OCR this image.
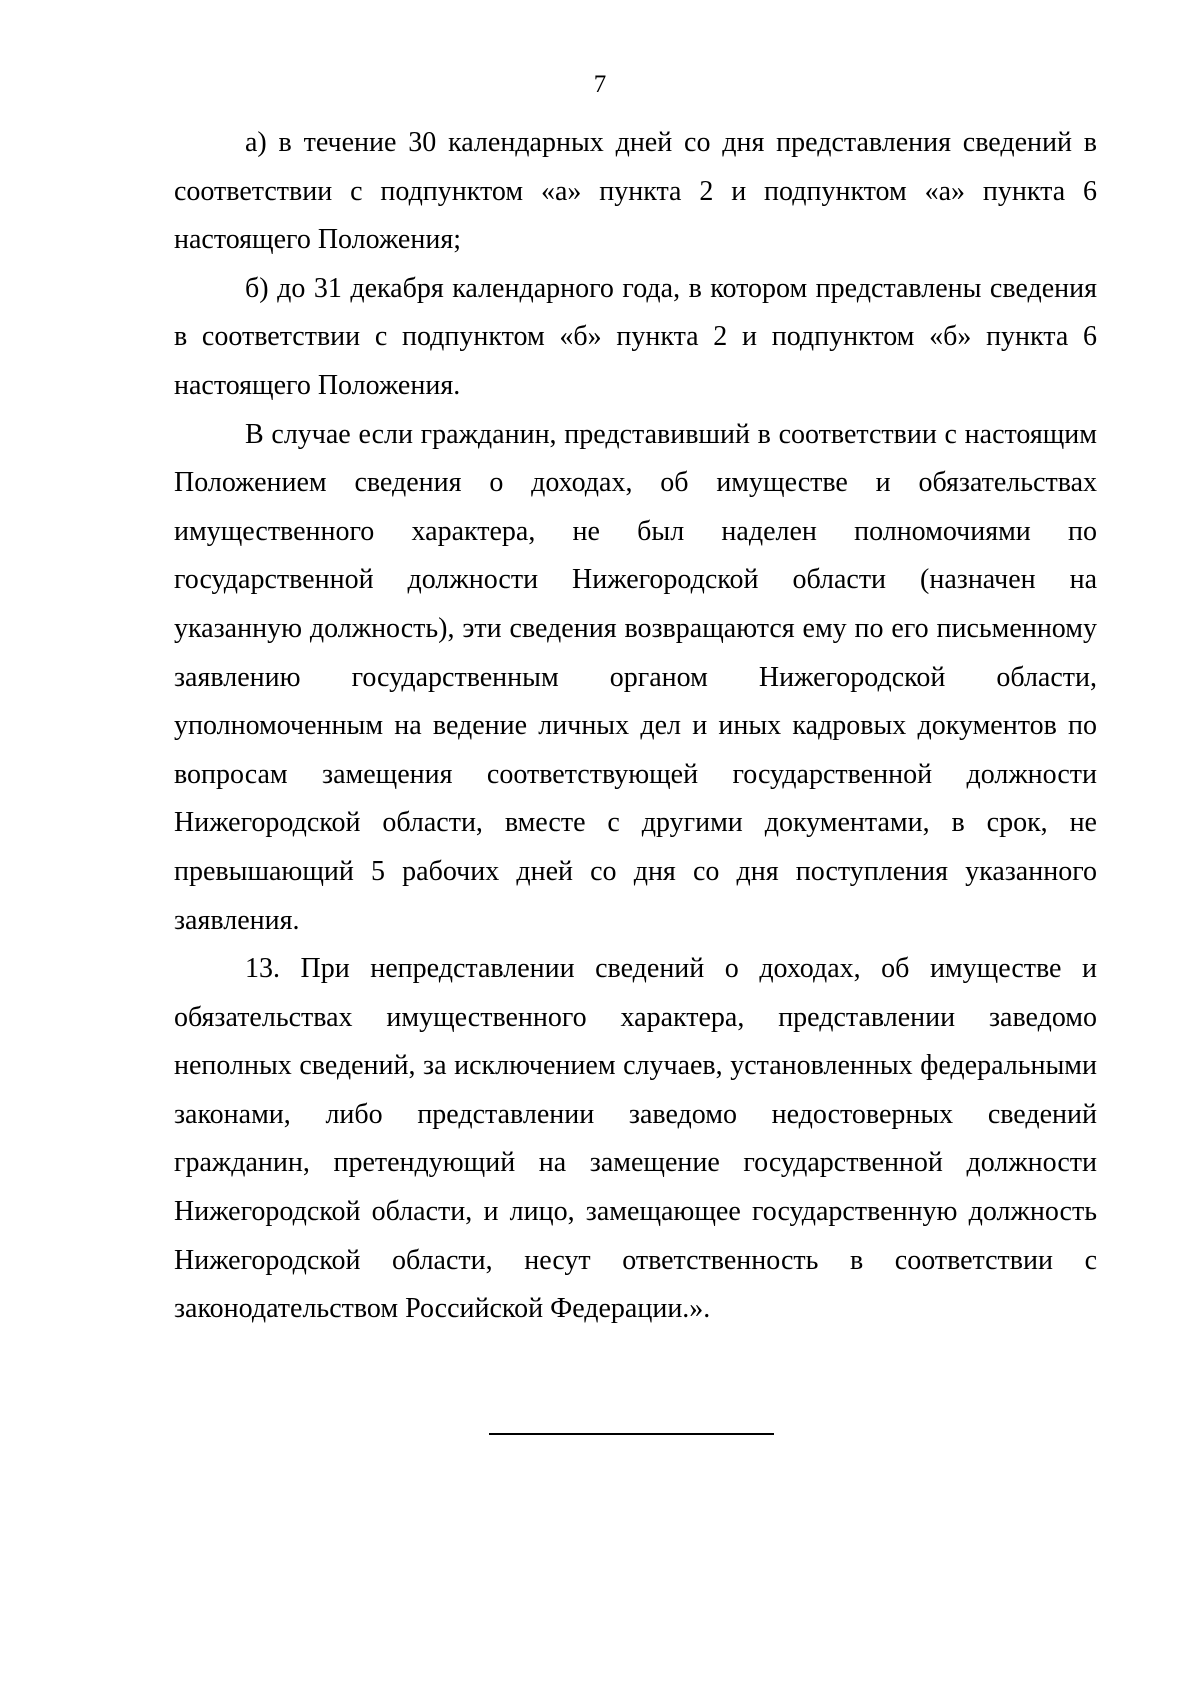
7

а) в течение 30 календарных дней со дня представления сведений в соответствии с подпунктом «а» пункта 2 и подпунктом «а» пункта 6 настоящего Положения;

б) до 31 декабря календарного года, в котором представлены сведения в соответствии с подпунктом «б» пункта 2 и подпунктом «б» пункта 6 настоящего Положения.

В случае если гражданин, представивший в соответствии с настоящим Положением сведения о доходах, об имуществе и обязательствах имущественного характера, не был наделен полномочиями по государственной должности Нижегородской области (назначен на указанную должность), эти сведения возвращаются ему по его письменному заявлению государственным органом Нижегородской области, уполномоченным на ведение личных дел и иных кадровых документов по вопросам замещения соответствующей государственной должности Нижегородской области, вместе с другими документами, в срок, не превышающий 5 рабочих дней со дня со дня поступления указанного заявления.

13. При непредставлении сведений о доходах, об имуществе и обязательствах имущественного характера, представлении заведомо неполных сведений, за исключением случаев, установленных федеральными законами, либо представлении заведомо недостоверных сведений гражданин, претендующий на замещение государственной должности Нижегородской области, и лицо, замещающее государственную должность Нижегородской области, несут ответственность в соответствии с законодательством Российской Федерации.».
